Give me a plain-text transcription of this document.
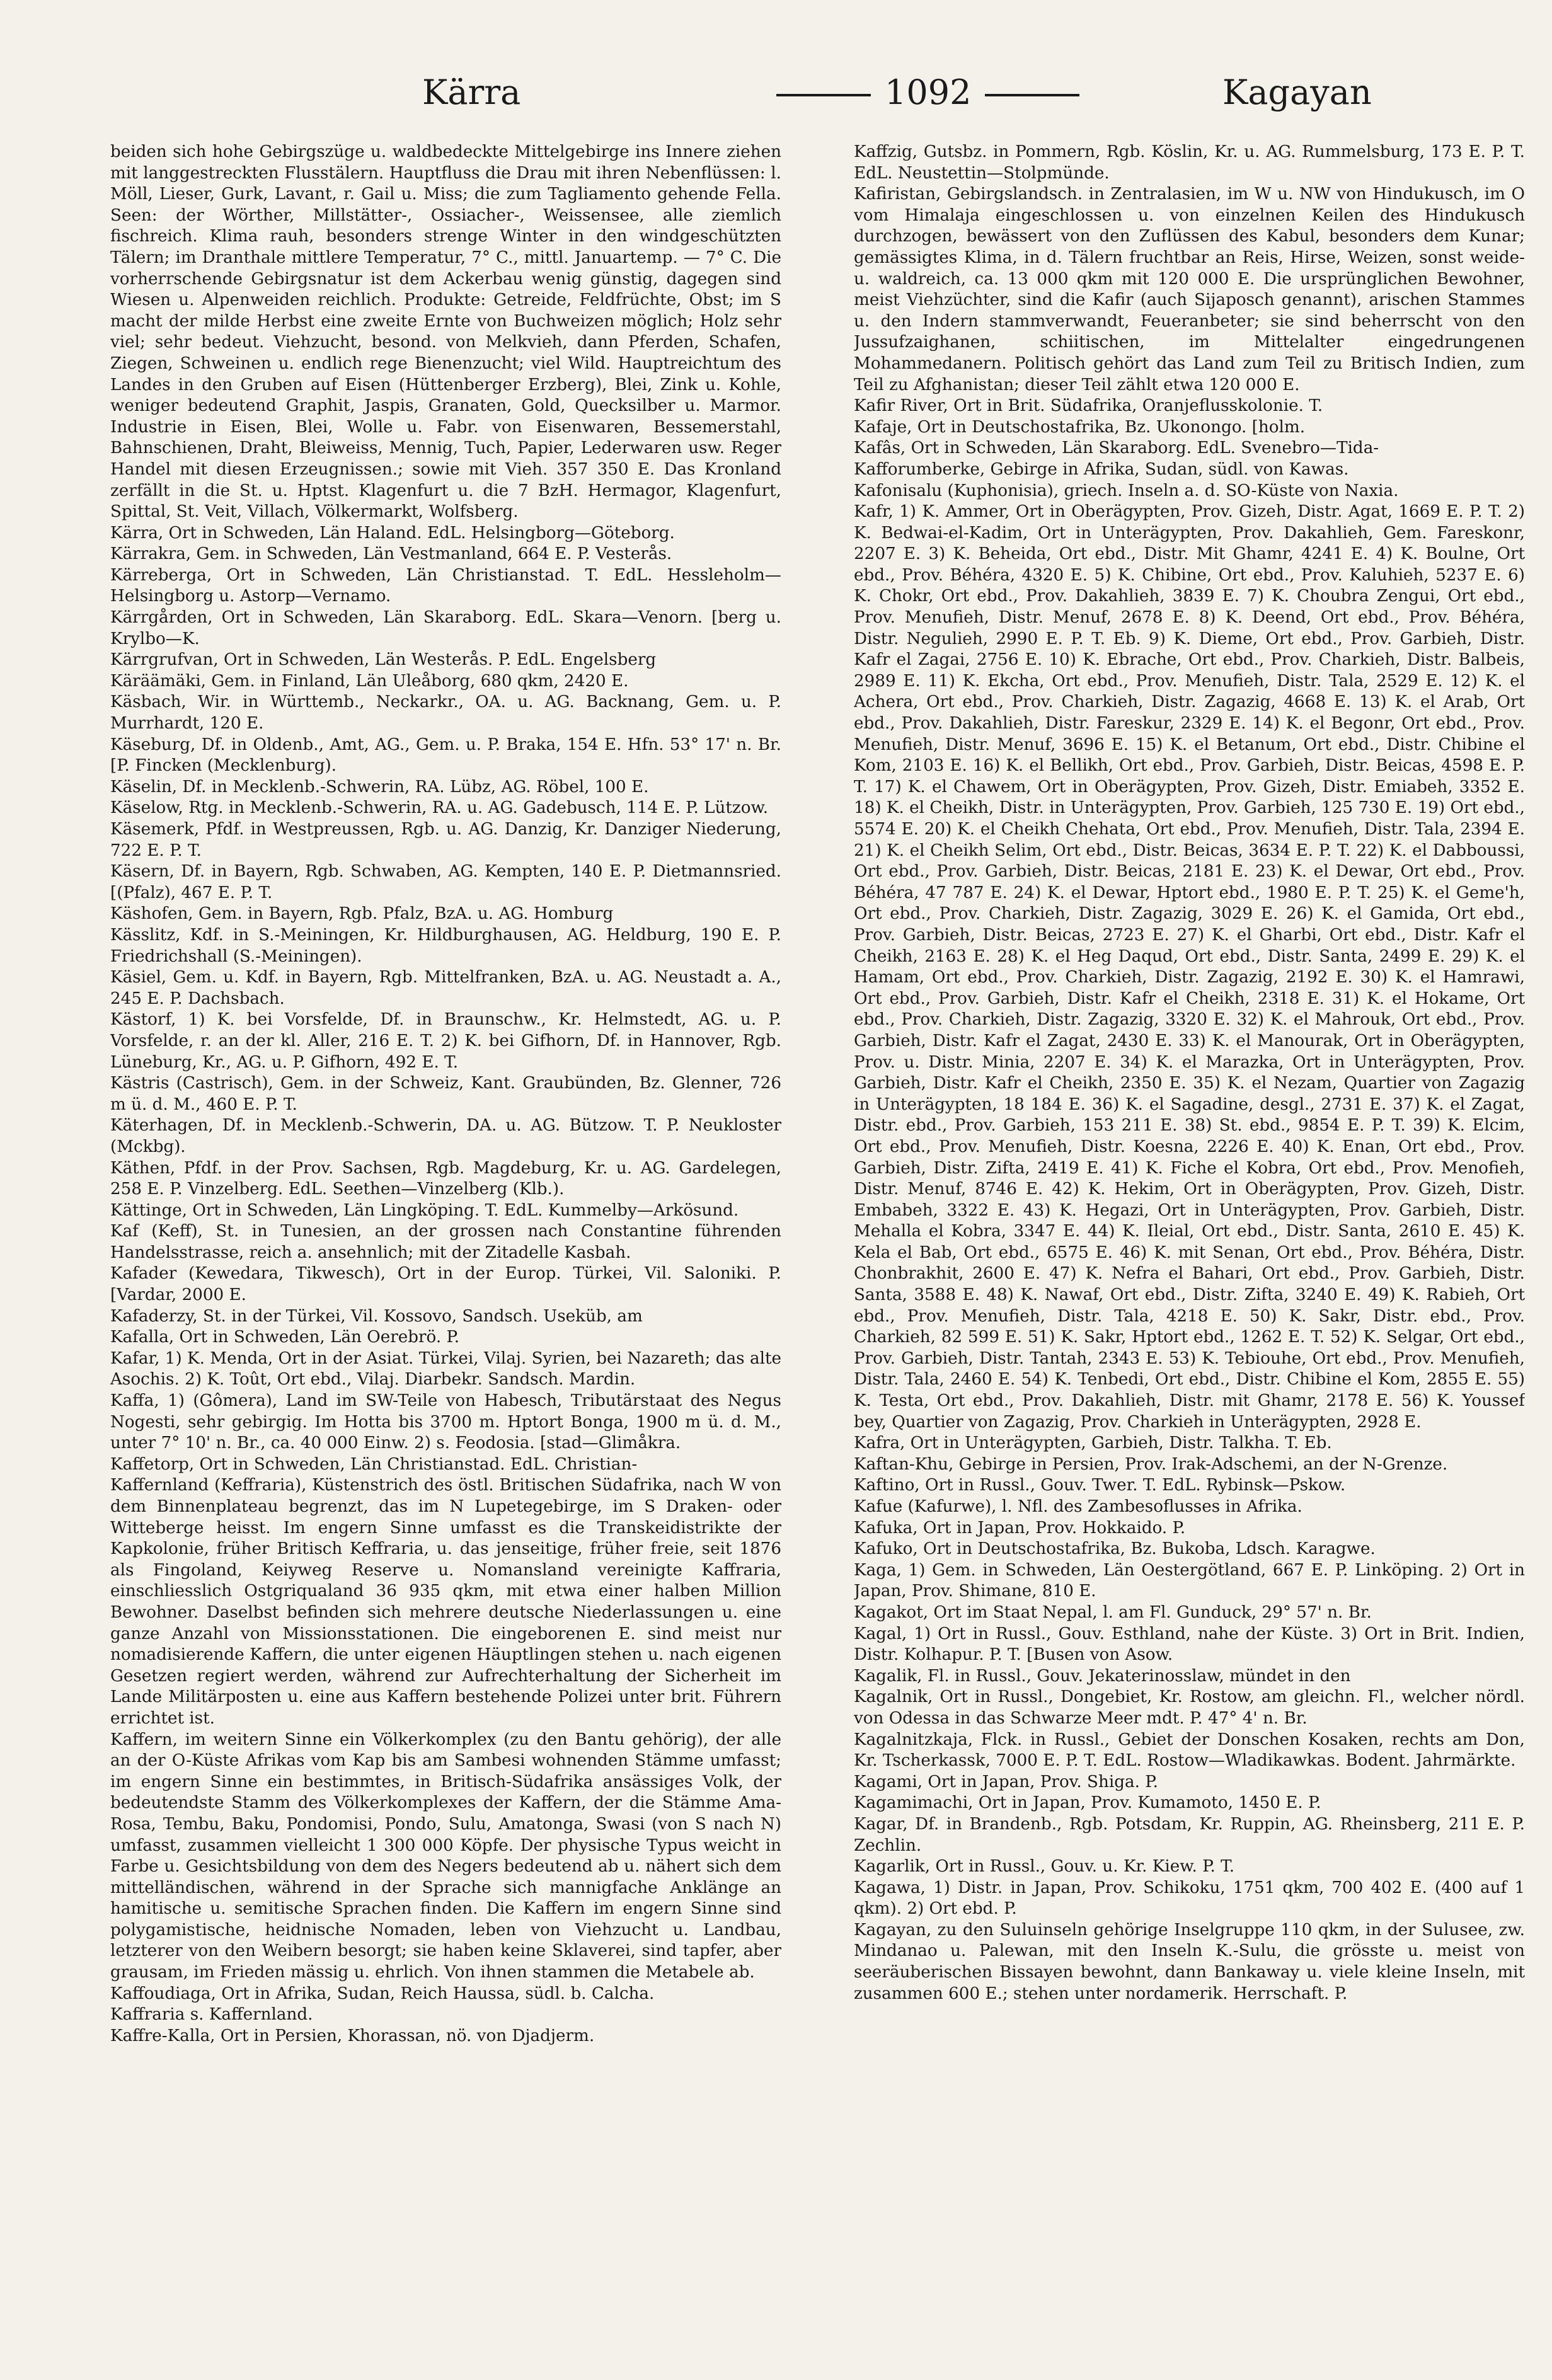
Kärra	1092	Kagayan

beiden sich hohe Gebirgszüge u. waldbedeckte Mittelgebirge ins Innere ziehen mit langgestreckten Flusstälern. Hauptfluss die Drau mit ihren Nebenflüssen: l. Möll, Lieser, Gurk, Lavant, r. Gail u. Miss; die zum Tagliamento gehende Fella. Seen: der Wörther, Millstätter-, Ossiacher-, Weissensee, alle ziemlich fischreich. Klima rauh, besonders strenge Winter in den windgeschützten Tälern; im Dranthale mittlere Temperatur, 7° C., mittl. Januartemp. — 7° C. Die vorherrschende Gebirgsnatur ist dem Ackerbau wenig günstig, dagegen sind Wiesen u. Alpenweiden reichlich. Produkte: Getreide, Feldfrüchte, Obst; im S macht der milde Herbst eine zweite Ernte von Buchweizen möglich; Holz sehr viel; sehr bedeut. Viehzucht, besond. von Melkvieh, dann Pferden, Schafen, Ziegen, Schweinen u. endlich rege Bienenzucht; viel Wild. Hauptreichtum des Landes in den Gruben auf Eisen (Hüttenberger Erzberg), Blei, Zink u. Kohle, weniger bedeutend Graphit, Jaspis, Granaten, Gold, Quecksilber u. Marmor. Industrie in Eisen, Blei, Wolle u. Fabr. von Eisenwaren, Bessemerstahl, Bahnschienen, Draht, Bleiweiss, Mennig, Tuch, Papier, Lederwaren usw. Reger Handel mit diesen Erzeugnissen.; sowie mit Vieh. 357 350 E. Das Kronland zerfällt in die St. u. Hptst. Klagenfurt u. die 7 BzH. Hermagor, Klagenfurt, Spittal, St. Veit, Villach, Völkermarkt, Wolfsberg.

Kärra, Ort in Schweden, Län Haland. EdL. Helsingborg—Göteborg.

Kärrakra, Gem. in Schweden, Län Vestmanland, 664 E. P. Vesterås.

Kärreberga, Ort in Schweden, Län Christianstad. T. EdL. Hessleholm—Helsingborg u. Astorp—Vernamo.

Kärrgården, Ort in Schweden, Län Skaraborg. EdL. Skara—Venorn. [berg u. Krylbo—K.

Kärrgrufvan, Ort in Schweden, Län Westerås. P. EdL. Engelsberg

Käräämäki, Gem. in Finland, Län Uleåborg, 680 qkm, 2420 E.

Käsbach, Wir. in Württemb., Neckarkr., OA. u. AG. Backnang, Gem. u. P. Murrhardt, 120 E.

Käseburg, Df. in Oldenb., Amt, AG., Gem. u. P. Braka, 154 E. Hfn. 53° 17' n. Br. [P. Fincken (Mecklenburg).

Käselin, Df. in Mecklenb.-Schwerin, RA. Lübz, AG. Röbel, 100 E.

Käselow, Rtg. in Mecklenb.-Schwerin, RA. u. AG. Gadebusch, 114 E. P. Lützow.

Käsemerk, Pfdf. in Westpreussen, Rgb. u. AG. Danzig, Kr. Danziger Niederung, 722 E. P. T.

Käsern, Df. in Bayern, Rgb. Schwaben, AG. Kempten, 140 E. P. Dietmannsried. [(Pfalz), 467 E. P. T.

Käshofen, Gem. in Bayern, Rgb. Pfalz, BzA. u. AG. Homburg

Kässlitz, Kdf. in S.-Meiningen, Kr. Hildburghausen, AG. Heldburg, 190 E. P. Friedrichshall (S.-Meiningen).

Käsiel, Gem. u. Kdf. in Bayern, Rgb. Mittelfranken, BzA. u. AG. Neustadt a. A., 245 E. P. Dachsbach.

Kästorf, 1) K. bei Vorsfelde, Df. in Braunschw., Kr. Helmstedt, AG. u. P. Vorsfelde, r. an der kl. Aller, 216 E. T. 2) K. bei Gifhorn, Df. in Hannover, Rgb. Lüneburg, Kr., AG. u. P. Gifhorn, 492 E. T.

Kästris (Castrisch), Gem. in der Schweiz, Kant. Graubünden, Bz. Glenner, 726 m ü. d. M., 460 E. P. T.

Käterhagen, Df. in Mecklenb.-Schwerin, DA. u. AG. Bützow. T. P. Neukloster (Mckbg).

Käthen, Pfdf. in der Prov. Sachsen, Rgb. Magdeburg, Kr. u. AG. Gardelegen, 258 E. P. Vinzelberg. EdL. Seethen—Vinzelberg (Klb.).

Kättinge, Ort in Schweden, Län Lingköping. T. EdL. Kummelby—Arkösund.

Kaf (Keff), St. in Tunesien, an der grossen nach Constantine führenden Handelsstrasse, reich a. ansehnlich; mit der Zitadelle Kasbah.

Kafader (Kewedara, Tikwesch), Ort in der Europ. Türkei, Vil. Saloniki. P. [Vardar, 2000 E.

Kafaderzy, St. in der Türkei, Vil. Kossovo, Sandsch. Useküb, am

Kafalla, Ort in Schweden, Län Oerebrö. P.

Kafar, 1) K. Menda, Ort in der Asiat. Türkei, Vilaj. Syrien, bei Nazareth; das alte Asochis. 2) K. Toût, Ort ebd., Vilaj. Diarbekr. Sandsch. Mardin.

Kaffa, 1) (Gômera), Land im SW-Teile von Habesch, Tributärstaat des Negus Nogesti, sehr gebirgig. Im Hotta bis 3700 m. Hptort Bonga, 1900 m ü. d. M., unter 7° 10' n. Br., ca. 40 000 Einw. 2) s. Feodosia. [stad—Glimåkra.

Kaffetorp, Ort in Schweden, Län Christianstad. EdL. Christian-

Kaffernland (Keffraria), Küstenstrich des östl. Britischen Südafrika, nach W von dem Binnenplateau begrenzt, das im N Lupetegebirge, im S Draken- oder Witteberge heisst. Im engern Sinne umfasst es die Transkeidistrikte der Kapkolonie, früher Britisch Keffraria, u. das jenseitige, früher freie, seit 1876 als Fingoland, Keiyweg Reserve u. Nomansland vereinigte Kaffraria, einschliesslich Ostgriqualand 36 935 qkm, mit etwa einer halben Million Bewohner. Daselbst befinden sich mehrere deutsche Niederlassungen u. eine ganze Anzahl von Missionsstationen. Die eingeborenen E. sind meist nur nomadisierende Kaffern, die unter eigenen Häuptlingen stehen u. nach eigenen Gesetzen regiert werden, während zur Aufrechterhaltung der Sicherheit im Lande Militärposten u. eine aus Kaffern bestehende Polizei unter brit. Führern errichtet ist.

Kaffern, im weitern Sinne ein Völkerkomplex (zu den Bantu gehörig), der alle an der O-Küste Afrikas vom Kap bis am Sambesi wohnenden Stämme umfasst; im engern Sinne ein bestimmtes, in Britisch-Südafrika ansässiges Volk, der bedeutendste Stamm des Völkerkomplexes der Kaffern, der die Stämme Ama-Rosa, Tembu, Baku, Pondomisi, Pondo, Sulu, Amatonga, Swasi (von S nach N) umfasst, zusammen vielleicht 1 300 000 Köpfe. Der physische Typus weicht in Farbe u. Gesichtsbildung von dem des Negers bedeutend ab u. nähert sich dem mittelländischen, während in der Sprache sich mannigfache Anklänge an hamitische u. semitische Sprachen finden. Die Kaffern im engern Sinne sind polygamistische, heidnische Nomaden, leben von Viehzucht u. Landbau, letzterer von den Weibern besorgt; sie haben keine Sklaverei, sind tapfer, aber grausam, im Frieden mässig u. ehrlich. Von ihnen stammen die Metabele ab.

Kaffoudiaga, Ort in Afrika, Sudan, Reich Haussa, südl. b. Calcha.

Kaffraria s. Kaffernland.

Kaffre-Kalla, Ort in Persien, Khorassan, nö. von Djadjerm.

Kaffzig, Gutsbz. in Pommern, Rgb. Köslin, Kr. u. AG. Rummelsburg, 173 E. P. T. EdL. Neustettin—Stolpmünde.

Kafiristan, Gebirgslandsch. in Zentralasien, im W u. NW von Hindukusch, im O vom Himalaja eingeschlossen u. von einzelnen Keilen des Hindukusch durchzogen, bewässert von den Zuflüssen des Kabul, besonders dem Kunar; gemässigtes Klima, in d. Tälern fruchtbar an Reis, Hirse, Weizen, sonst weide- u. waldreich, ca. 13 000 qkm mit 120 000 E. Die ursprünglichen Bewohner, meist Viehzüchter, sind die Kafir (auch Sijaposch genannt), arischen Stammes u. den Indern stammverwandt, Feueranbeter; sie sind beherrscht von den Jussufzaighanen, schiitischen, im Mittelalter eingedrungenen Mohammedanern. Politisch gehört das Land zum Teil zu Britisch Indien, zum Teil zu Afghanistan; dieser Teil zählt etwa 120 000 E.

Kafir River, Ort in Brit. Südafrika, Oranjeflusskolonie. T.

Kafaje, Ort in Deutschostafrika, Bz. Ukonongo. [holm.

Kafâs, Ort in Schweden, Län Skaraborg. EdL. Svenebro—Tida-

Kafforumberke, Gebirge in Afrika, Sudan, südl. von Kawas.

Kafonisalu (Kuphonisia), griech. Inseln a. d. SO-Küste von Naxia.

Kafr, 1) K. Ammer, Ort in Oberägypten, Prov. Gizeh, Distr. Agat, 1669 E. P. T. 2) K. Bedwai-el-Kadim, Ort in Unterägypten, Prov. Dakahlieh, Gem. Fareskonr, 2207 E. 3) K. Beheida, Ort ebd., Distr. Mit Ghamr, 4241 E. 4) K. Boulne, Ort ebd., Prov. Béhéra, 4320 E. 5) K. Chibine, Ort ebd., Prov. Kaluhieh, 5237 E. 6) K. Chokr, Ort ebd., Prov. Dakahlieh, 3839 E. 7) K. Choubra Zengui, Ort ebd., Prov. Menufieh, Distr. Menuf, 2678 E. 8) K. Deend, Ort ebd., Prov. Béhéra, Distr. Negulieh, 2990 E. P. T. Eb. 9) K. Dieme, Ort ebd., Prov. Garbieh, Distr. Kafr el Zagai, 2756 E. 10) K. Ebrache, Ort ebd., Prov. Charkieh, Distr. Balbeis, 2989 E. 11) K. Ekcha, Ort ebd., Prov. Menufieh, Distr. Tala, 2529 E. 12) K. el Achera, Ort ebd., Prov. Charkieh, Distr. Zagazig, 4668 E. 13) K. el Arab, Ort ebd., Prov. Dakahlieh, Distr. Fareskur, 2329 E. 14) K. el Begonr, Ort ebd., Prov. Menufieh, Distr. Menuf, 3696 E. 15) K. el Betanum, Ort ebd., Distr. Chibine el Kom, 2103 E. 16) K. el Bellikh, Ort ebd., Prov. Garbieh, Distr. Beicas, 4598 E. P. T. 17) K. el Chawem, Ort in Oberägypten, Prov. Gizeh, Distr. Emiabeh, 3352 E. 18) K. el Cheikh, Distr. in Unterägypten, Prov. Garbieh, 125 730 E. 19) Ort ebd., 5574 E. 20) K. el Cheikh Chehata, Ort ebd., Prov. Menufieh, Distr. Tala, 2394 E. 21) K. el Cheikh Selim, Ort ebd., Distr. Beicas, 3634 E. P. T. 22) K. el Dabboussi, Ort ebd., Prov. Garbieh, Distr. Beicas, 2181 E. 23) K. el Dewar, Ort ebd., Prov. Béhéra, 47 787 E. 24) K. el Dewar, Hptort ebd., 1980 E. P. T. 25) K. el Geme'h, Ort ebd., Prov. Charkieh, Distr. Zagazig, 3029 E. 26) K. el Gamida, Ort ebd., Prov. Garbieh, Distr. Beicas, 2723 E. 27) K. el Gharbi, Ort ebd., Distr. Kafr el Cheikh, 2163 E. 28) K. el Heg Daqud, Ort ebd., Distr. Santa, 2499 E. 29) K. el Hamam, Ort ebd., Prov. Charkieh, Distr. Zagazig, 2192 E. 30) K. el Hamrawi, Ort ebd., Prov. Garbieh, Distr. Kafr el Cheikh, 2318 E. 31) K. el Hokame, Ort ebd., Prov. Charkieh, Distr. Zagazig, 3320 E. 32) K. el Mahrouk, Ort ebd., Prov. Garbieh, Distr. Kafr el Zagat, 2430 E. 33) K. el Manourak, Ort in Oberägypten, Prov. u. Distr. Minia, 2207 E. 34) K. el Marazka, Ort in Unterägypten, Prov. Garbieh, Distr. Kafr el Cheikh, 2350 E. 35) K. el Nezam, Quartier von Zagazig in Unterägypten, 18 184 E. 36) K. el Sagadine, desgl., 2731 E. 37) K. el Zagat, Distr. ebd., Prov. Garbieh, 153 211 E. 38) St. ebd., 9854 E. P. T. 39) K. Elcim, Ort ebd., Prov. Menufieh, Distr. Koesna, 2226 E. 40) K. Enan, Ort ebd., Prov. Garbieh, Distr. Zifta, 2419 E. 41) K. Fiche el Kobra, Ort ebd., Prov. Menofieh, Distr. Menuf, 8746 E. 42) K. Hekim, Ort in Oberägypten, Prov. Gizeh, Distr. Embabeh, 3322 E. 43) K. Hegazi, Ort in Unterägypten, Prov. Garbieh, Distr. Mehalla el Kobra, 3347 E. 44) K. Ileial, Ort ebd., Distr. Santa, 2610 E. 45) K. Kela el Bab, Ort ebd., 6575 E. 46) K. mit Senan, Ort ebd., Prov. Béhéra, Distr. Chonbrakhit, 2600 E. 47) K. Nefra el Bahari, Ort ebd., Prov. Garbieh, Distr. Santa, 3588 E. 48) K. Nawaf, Ort ebd., Distr. Zifta, 3240 E. 49) K. Rabieh, Ort ebd., Prov. Menufieh, Distr. Tala, 4218 E. 50) K. Sakr, Distr. ebd., Prov. Charkieh, 82 599 E. 51) K. Sakr, Hptort ebd., 1262 E. T. 52) K. Selgar, Ort ebd., Prov. Garbieh, Distr. Tantah, 2343 E. 53) K. Tebiouhe, Ort ebd., Prov. Menufieh, Distr. Tala, 2460 E. 54) K. Tenbedi, Ort ebd., Distr. Chibine el Kom, 2855 E. 55) K. Testa, Ort ebd., Prov. Dakahlieh, Distr. mit Ghamr, 2178 E. 56) K. Youssef bey, Quartier von Zagazig, Prov. Charkieh in Unterägypten, 2928 E.

Kafra, Ort in Unterägypten, Garbieh, Distr. Talkha. T. Eb.

Kaftan-Khu, Gebirge in Persien, Prov. Irak-Adschemi, an der N-Grenze.

Kaftino, Ort in Russl., Gouv. Twer. T. EdL. Rybinsk—Pskow.

Kafue (Kafurwe), l. Nfl. des Zambesoflusses in Afrika.

Kafuka, Ort in Japan, Prov. Hokkaido. P.

Kafuko, Ort in Deutschostafrika, Bz. Bukoba, Ldsch. Karagwe.

Kaga, 1) Gem. in Schweden, Län Oestergötland, 667 E. P. Linköping. 2) Ort in Japan, Prov. Shimane, 810 E.

Kagakot, Ort im Staat Nepal, l. am Fl. Gunduck, 29° 57' n. Br.

Kagal, 1) Ort in Russl., Gouv. Esthland, nahe der Küste. 3) Ort in Brit. Indien, Distr. Kolhapur. P. T. [Busen von Asow.

Kagalik, Fl. in Russl., Gouv. Jekaterinosslaw, mündet in den

Kagalnik, Ort in Russl., Dongebiet, Kr. Rostow, am gleichn. Fl., welcher nördl. von Odessa in das Schwarze Meer mdt. P. 47° 4' n. Br.

Kagalnitzkaja, Flck. in Russl., Gebiet der Donschen Kosaken, rechts am Don, Kr. Tscherkassk, 7000 E. P. T. EdL. Rostow—Wladikawkas. Bodent. Jahrmärkte.

Kagami, Ort in Japan, Prov. Shiga. P.

Kagamimachi, Ort in Japan, Prov. Kumamoto, 1450 E. P.

Kagar, Df. in Brandenb., Rgb. Potsdam, Kr. Ruppin, AG. Rheinsberg, 211 E. P. Zechlin.

Kagarlik, Ort in Russl., Gouv. u. Kr. Kiew. P. T.

Kagawa, 1) Distr. in Japan, Prov. Schikoku, 1751 qkm, 700 402 E. (400 auf 1 qkm). 2) Ort ebd. P.

Kagayan, zu den Suluinseln gehörige Inselgruppe 110 qkm, in der Sulusee, zw. Mindanao u. Palewan, mit den Inseln K.-Sulu, die grösste u. meist von seeräuberischen Bissayen bewohnt, dann Bankaway u. viele kleine Inseln, mit zusammen 600 E.; stehen unter nordamerik. Herrschaft. P.
